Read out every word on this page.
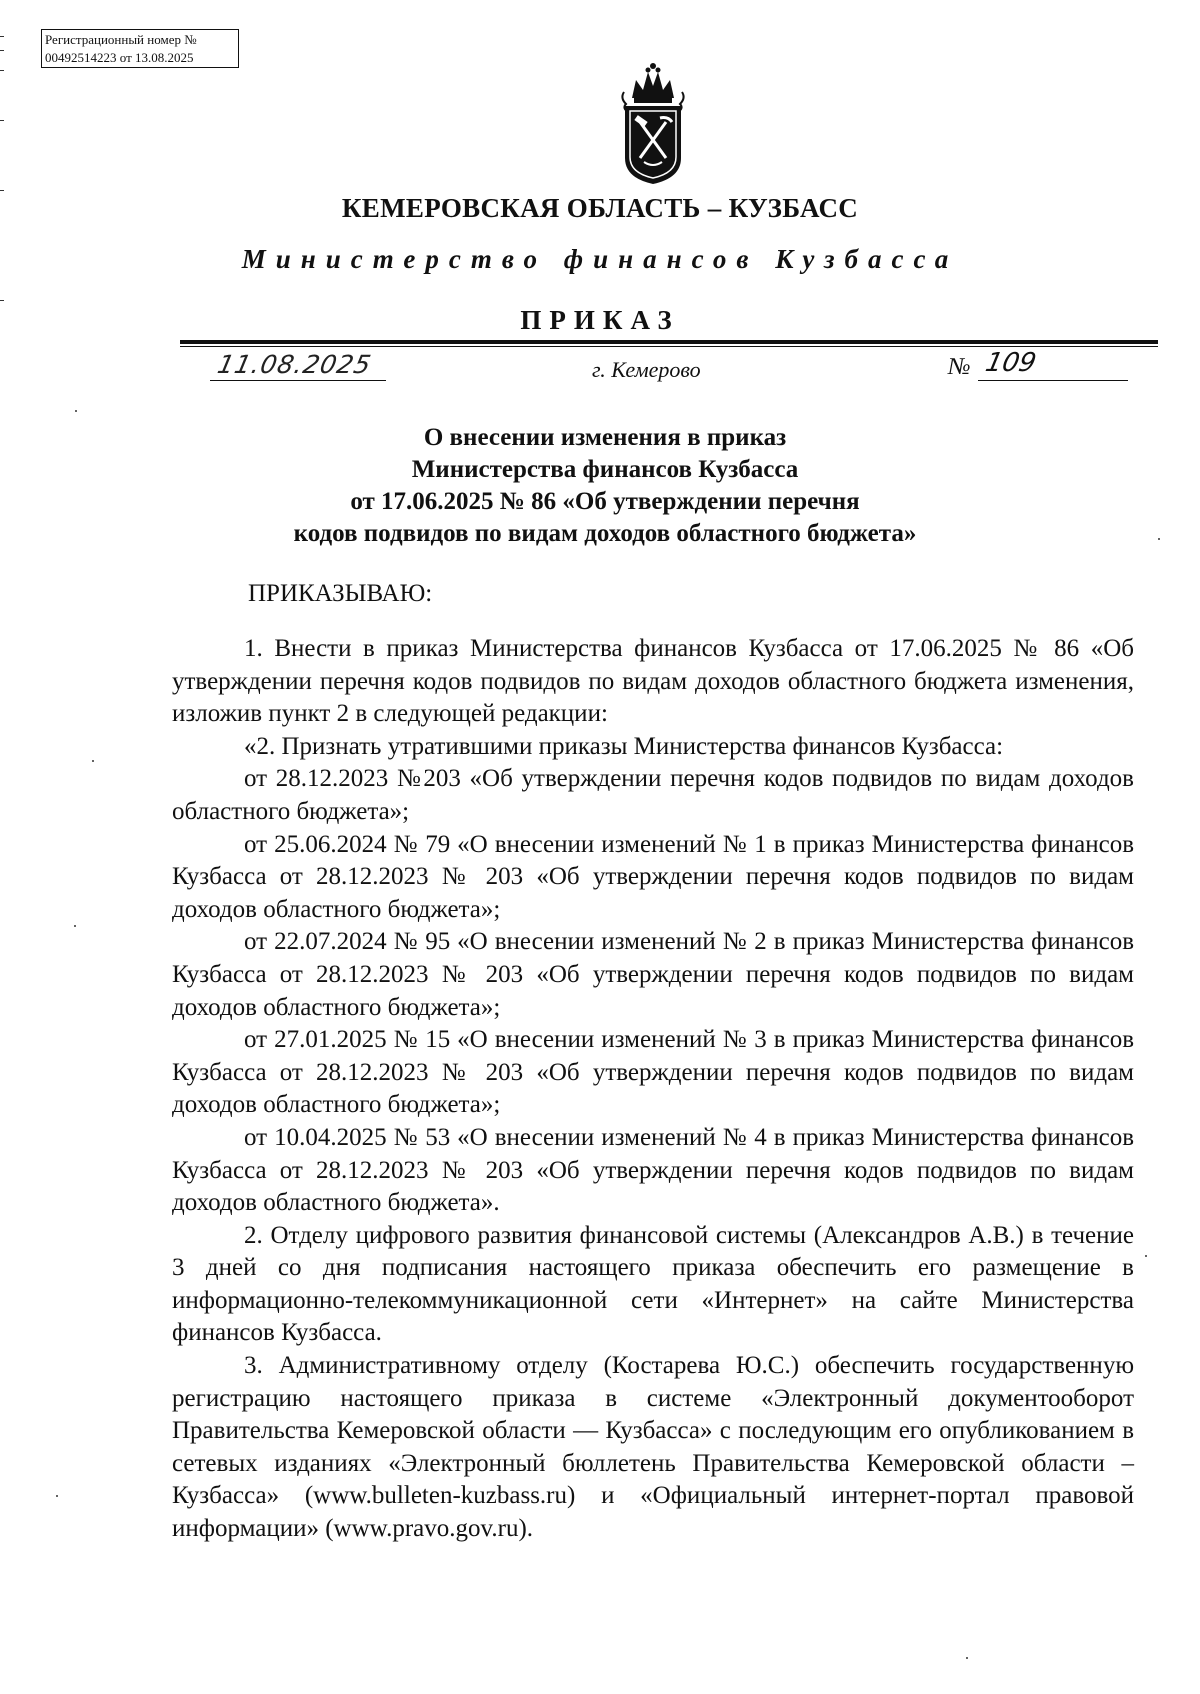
Регистрационный номер №
00492514223 от 13.08.2025
КЕМЕРОВСКАЯ ОБЛАСТЬ – КУЗБАСС
Министерство финансов Кузбасса
ПРИКАЗ
11.08.2025	г. Кемерово	№ 109
О внесении изменения в приказ
Министерства финансов Кузбасса
от 17.06.2025 № 86 «Об утверждении перечня
кодов подвидов по видам доходов областного бюджета»
ПРИКАЗЫВАЮ:

1. Внести в приказ Министерства финансов Кузбасса от 17.06.2025 № 86 «Об утверждении перечня кодов подвидов по видам доходов областного бюджета изменения, изложив пункт 2 в следующей редакции:

«2. Признать утратившими приказы Министерства финансов Кузбасса:

от 28.12.2023 №203 «Об утверждении перечня кодов подвидов по видам доходов областного бюджета»;

от 25.06.2024 № 79 «О внесении изменений № 1 в приказ Министерства финансов Кузбасса от 28.12.2023 № 203 «Об утверждении перечня кодов подвидов по видам доходов областного бюджета»;

от 22.07.2024 № 95 «О внесении изменений № 2 в приказ Министерства финансов Кузбасса от 28.12.2023 № 203 «Об утверждении перечня кодов подвидов по видам доходов областного бюджета»;

от 27.01.2025 № 15 «О внесении изменений № 3 в приказ Министерства финансов Кузбасса от 28.12.2023 № 203 «Об утверждении перечня кодов подвидов по видам доходов областного бюджета»;

от 10.04.2025 № 53 «О внесении изменений № 4 в приказ Министерства финансов Кузбасса от 28.12.2023 № 203 «Об утверждении перечня кодов подвидов по видам доходов областного бюджета».

2. Отделу цифрового развития финансовой системы (Александров А.В.) в течение 3 дней со дня подписания настоящего приказа обеспечить его размещение в информационно-телекоммуникационной сети «Интернет» на сайте Министерства финансов Кузбасса.

3. Административному отделу (Костарева Ю.С.) обеспечить государственную регистрацию настоящего приказа в системе «Электронный документооборот Правительства Кемеровской области — Кузбасса» с последующим его опубликованием в сетевых изданиях «Электронный бюллетень Правительства Кемеровской области – Кузбасса» (www.bulleten-kuzbass.ru) и «Официальный интернет-портал правовой информации» (www.pravo.gov.ru).
